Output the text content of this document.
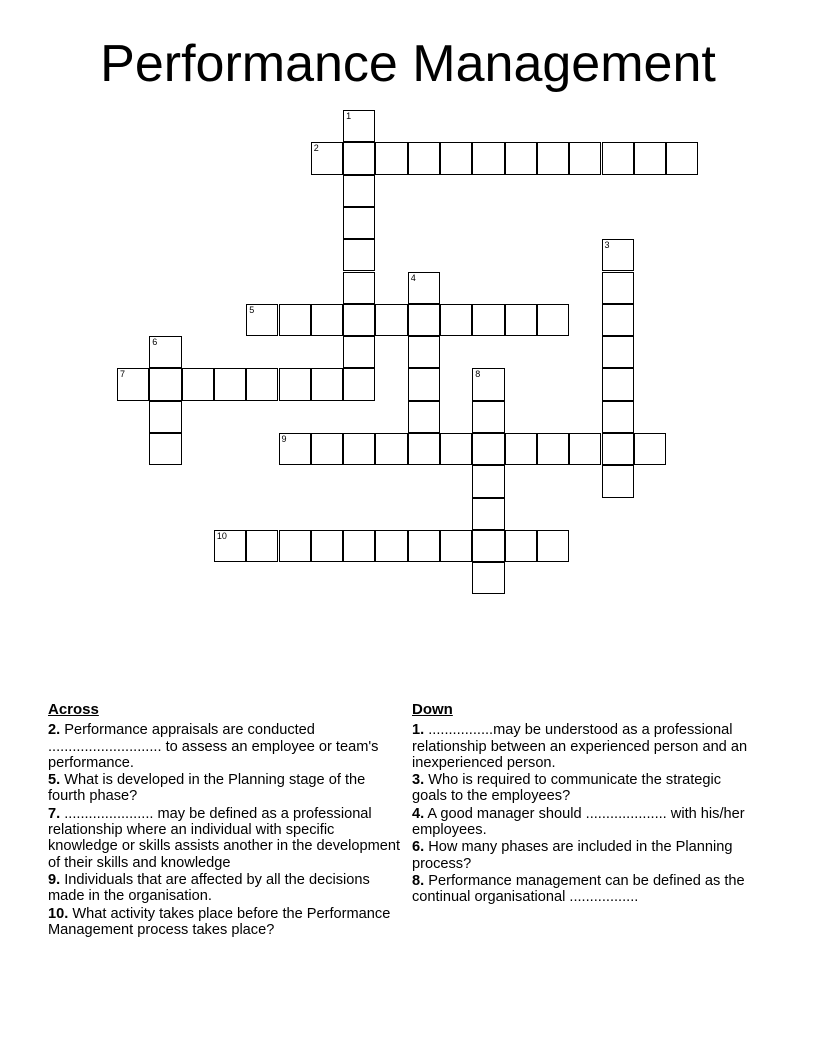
Performance Management
1
2
3
4
5
6
7	8
9
10
Across
2. Performance appraisals are conducted ............................ to assess an employee or team's performance.
5. What is developed in the Planning stage of the fourth phase?
7. ...................... may be defined as a professional relationship where an individual with specific knowledge or skills assists another in the development of their skills and knowledge
9. Individuals that are affected by all the decisions made in the organisation.
10. What activity takes place before the Performance Management process takes place?
Down
1. ................may be understood as a professional relationship between an experienced person and an inexperienced person.
3. Who is required to communicate the strategic goals to the employees?
4. A good manager should .................... with his/her employees.
6. How many phases are included in the Planning process?
8. Performance management can be defined as the continual organisational .................
